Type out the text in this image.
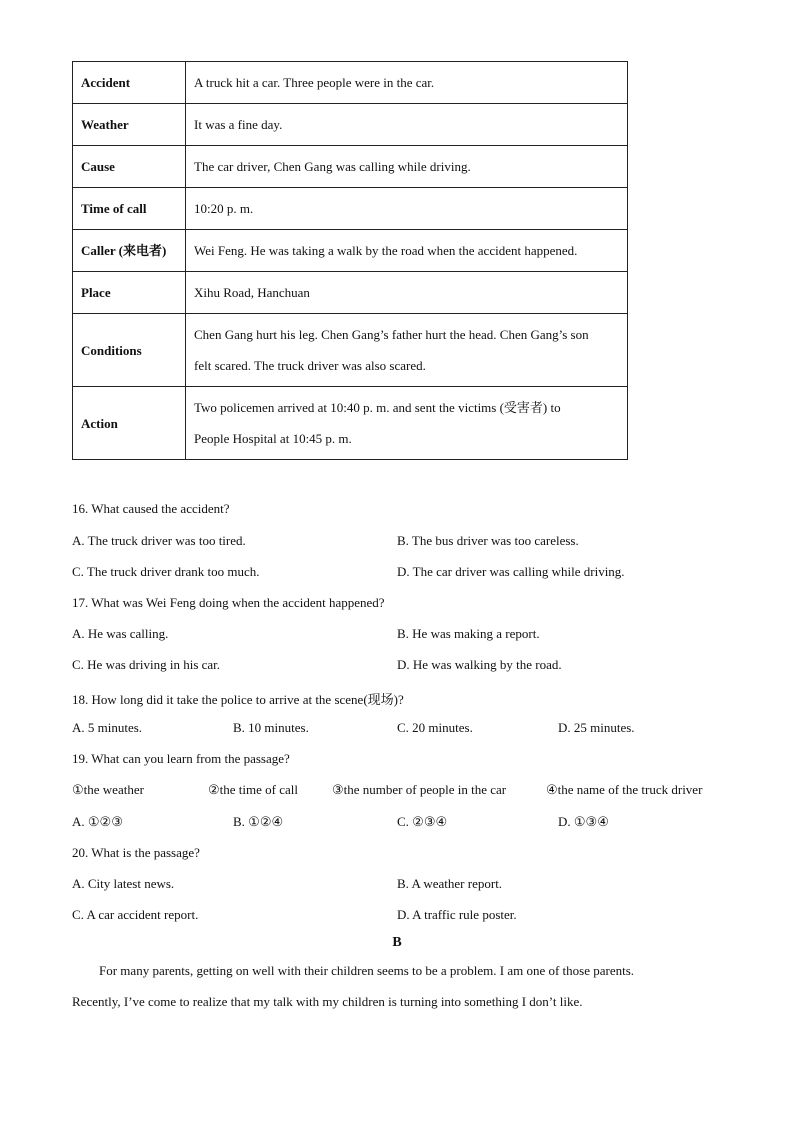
Accident	A truck hit a car. Three people were in the car.
Weather	It was a fine day.
Cause	The car driver, Chen Gang was calling while driving.
Time of call	10:20 p. m.
Caller (来电者)	Wei Feng. He was taking a walk by the road when the accident happened.
Place	Xihu Road, Hanchuan
Conditions	Chen Gang hurt his leg. Chen Gang’s father hurt the head. Chen Gang’s son
felt scared. The truck driver was also scared.

Action	Two policemen arrived at 10:40 p. m. and sent the victims (受害者) to
People Hospital at 10:45 p. m.
16. What caused the accident?
A. The truck driver was too tired.	B. The bus driver was too careless.
C. The truck driver drank too much.	D. The car driver was calling while driving.
17. What was Wei Feng doing when the accident happened?
A. He was calling.	B. He was making a report.
C. He was driving in his car.	D. He was walking by the road.
18. How long did it take the police to arrive at the scene(现场)?
A. 5 minutes.	B. 10 minutes.	C. 20 minutes.	D. 25 minutes.
19. What can you learn from the passage?
①the weather	②the time of call	③the number of people in the car	④the name of the truck driver
A. ①②③	B. ①②④	C. ②③④	D. ①③④
20. What is the passage?
A. City latest news.	B. A weather report.
C. A car accident report.	D. A traffic rule poster.
B
For many parents, getting on well with their children seems to be a problem. I am one of those parents.
Recently, I’ve come to realize that my talk with my children is turning into something I don’t like.
